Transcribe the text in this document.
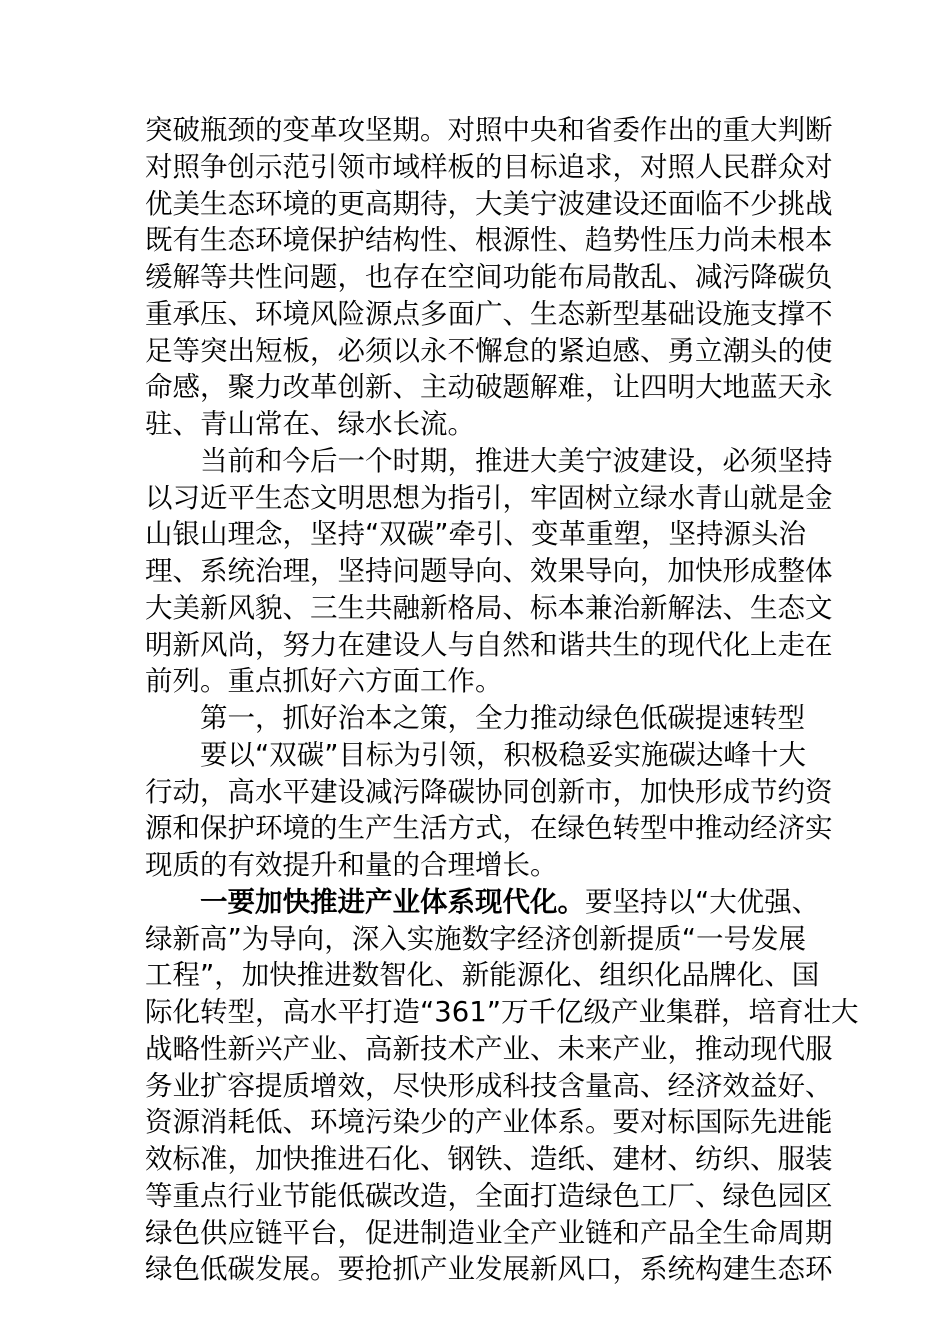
突破瓶颈的变革攻坚期。对照中央和省委作出的重大判断
对照争创示范引领市域样板的目标追求，对照人民群众对
优美生态环境的更高期待，大美宁波建设还面临不少挑战
既有生态环境保护结构性、根源性、趋势性压力尚未根本
缓解等共性问题，也存在空间功能布局散乱、减污降碳负
重承压、环境风险源点多面广、生态新型基础设施支撑不
足等突出短板，必须以永不懈怠的紧迫感、勇立潮头的使
命感，聚力改革创新、主动破题解难，让四明大地蓝天永
驻、青山常在、绿水长流。
当前和今后一个时期，推进大美宁波建设，必须坚持
以习近平生态文明思想为指引，牢固树立绿水青山就是金
山银山理念，坚持“双碳”牵引、变革重塑，坚持源头治
理、系统治理，坚持问题导向、效果导向，加快形成整体
大美新风貌、三生共融新格局、标本兼治新解法、生态文
明新风尚，努力在建设人与自然和谐共生的现代化上走在
前列。重点抓好六方面工作。
第一，抓好治本之策，全力推动绿色低碳提速转型
要以“双碳”目标为引领，积极稳妥实施碳达峰十大
行动，高水平建设减污降碳协同创新市，加快形成节约资
源和保护环境的生产生活方式，在绿色转型中推动经济实
现质的有效提升和量的合理增长。
一要加快推进产业体系现代化。要坚持以“大优强、
绿新高”为导向，深入实施数字经济创新提质“一号发展
工程”，加快推进数智化、新能源化、组织化品牌化、国
际化转型，高水平打造“361”万千亿级产业集群，培育壮大
战略性新兴产业、高新技术产业、未来产业，推动现代服
务业扩容提质增效，尽快形成科技含量高、经济效益好、
资源消耗低、环境污染少的产业体系。要对标国际先进能
效标准，加快推进石化、钢铁、造纸、建材、纺织、服装
等重点行业节能低碳改造，全面打造绿色工厂、绿色园区
绿色供应链平台，促进制造业全产业链和产品全生命周期
绿色低碳发展。要抢抓产业发展新风口，系统构建生态环
